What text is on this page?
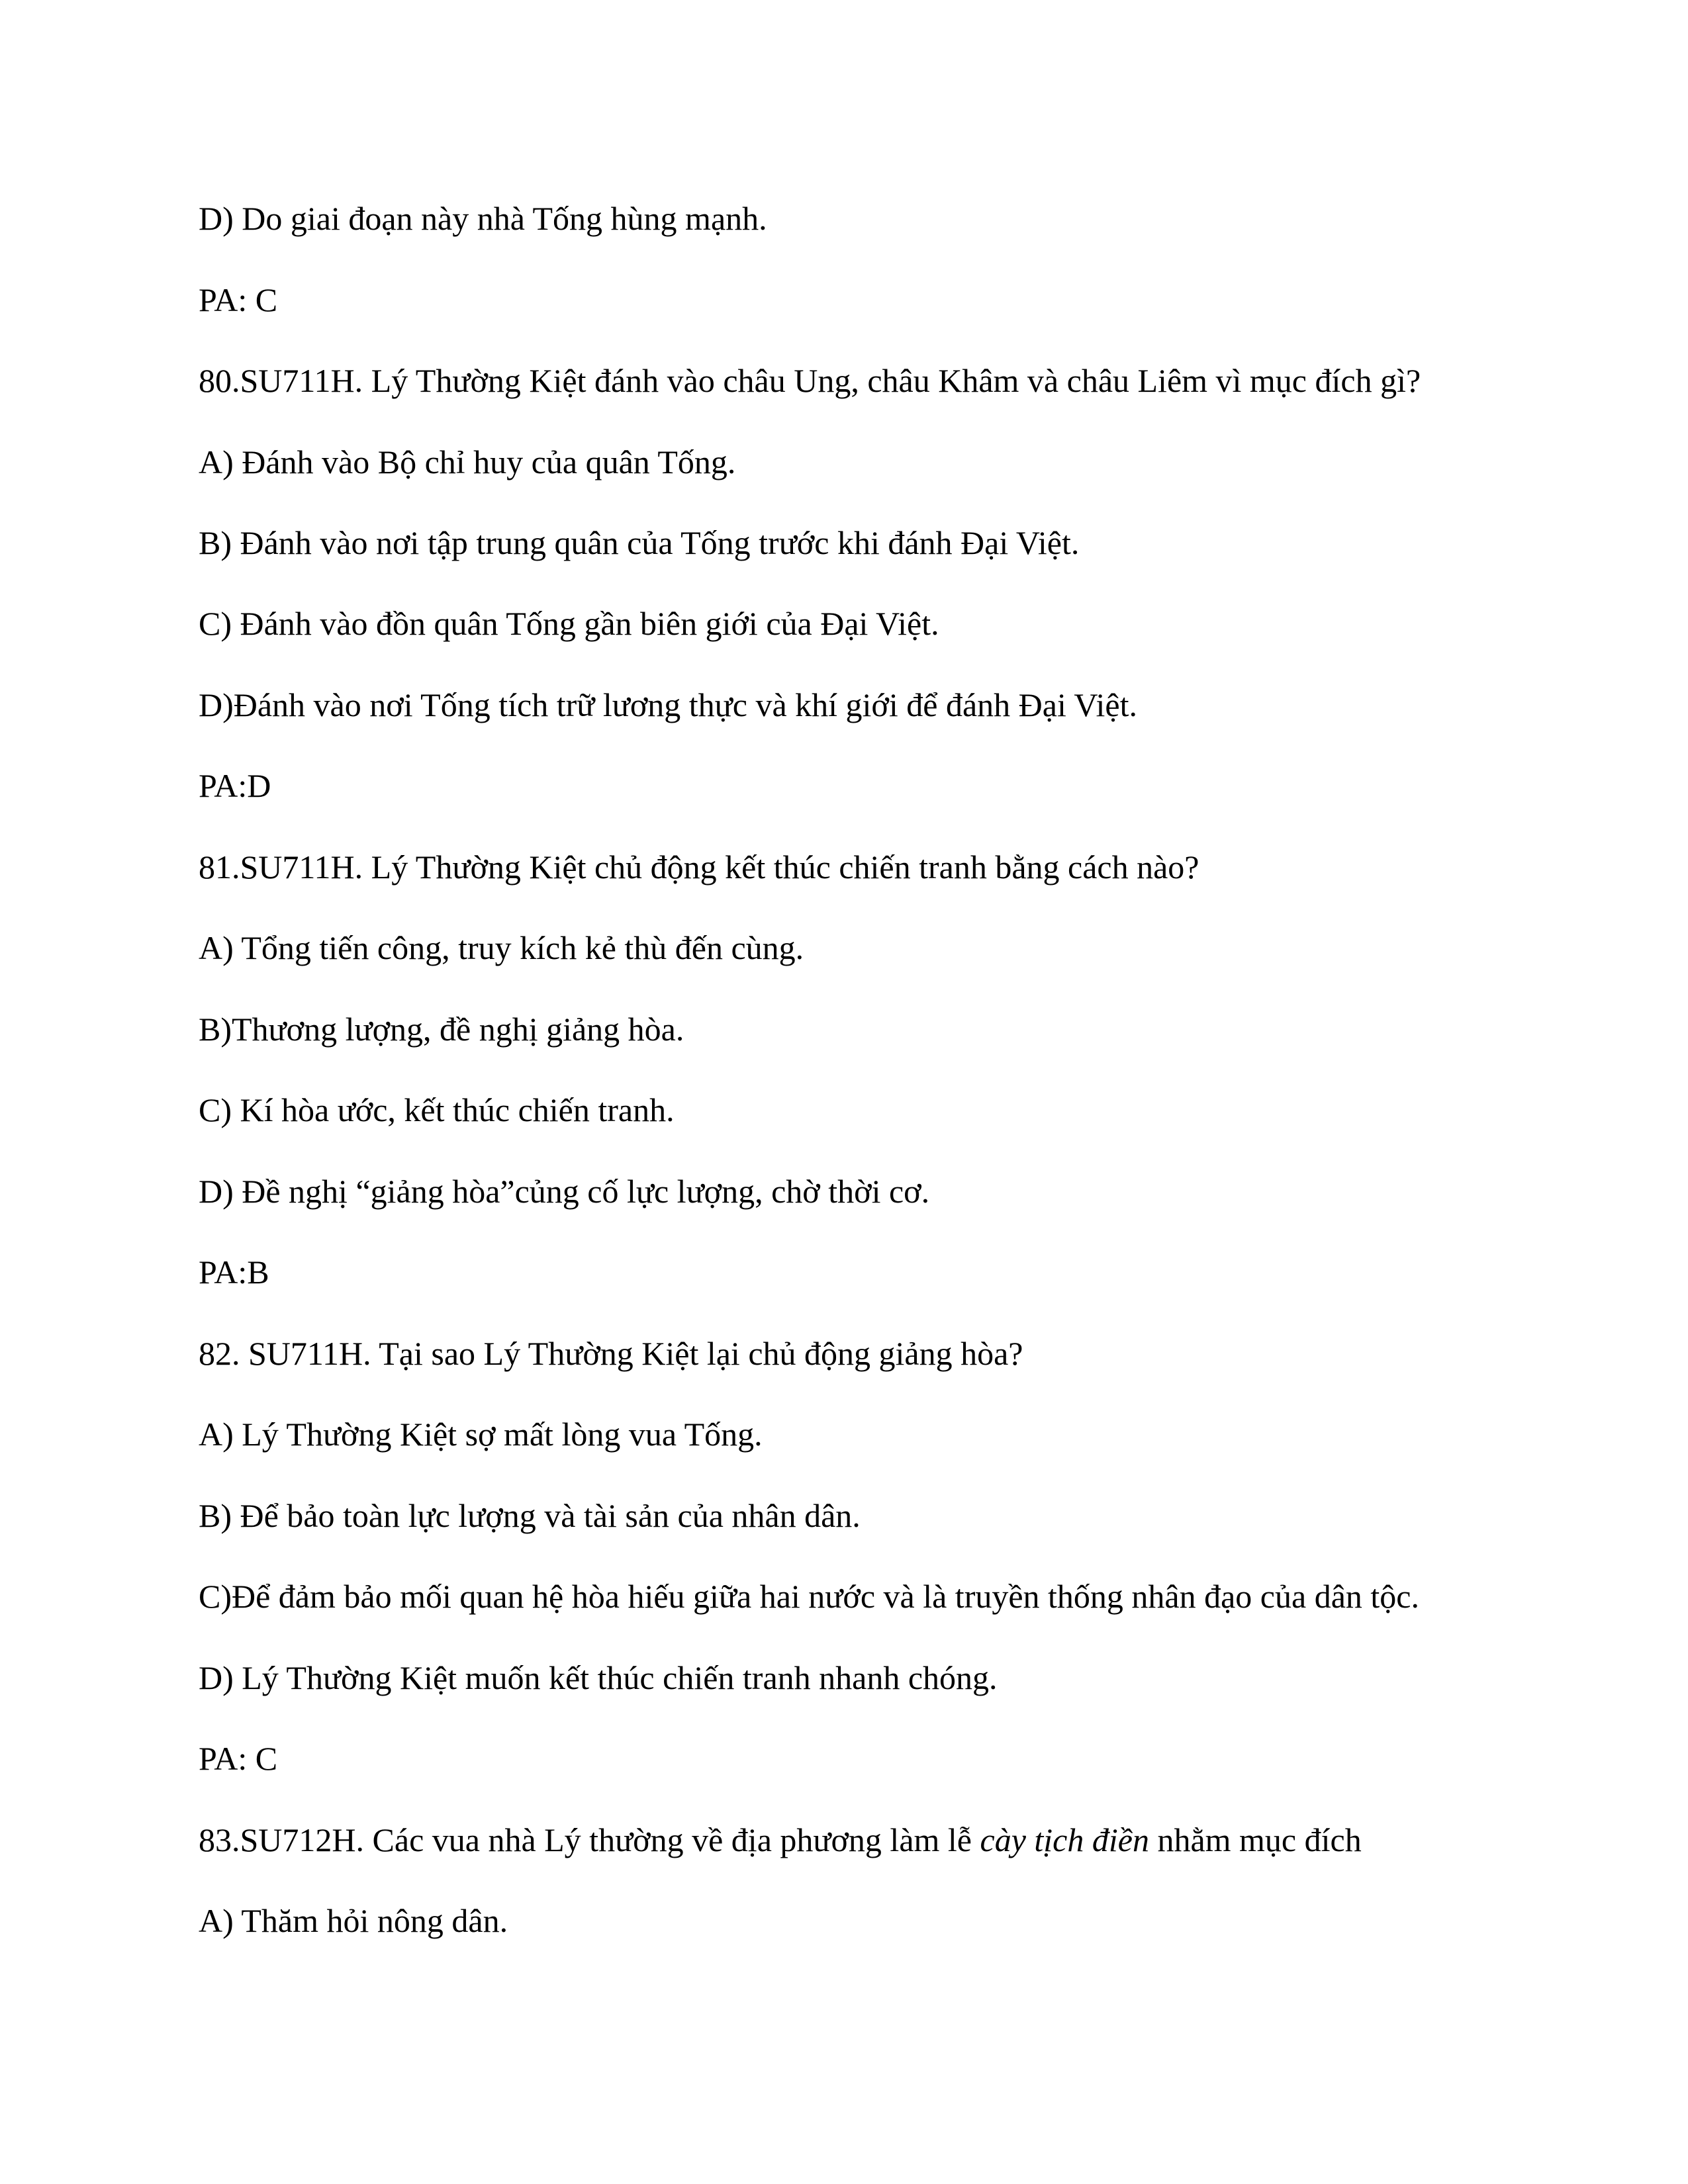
D) Do giai đoạn này nhà Tống hùng mạnh.

PA: C

80.SU711H. Lý Thường Kiệt đánh vào châu Ung, châu Khâm và châu Liêm vì mục đích gì?

A) Đánh vào Bộ chỉ huy của quân Tống.

B) Đánh vào nơi tập trung quân của Tống trước khi đánh Đại Việt.

C) Đánh vào đồn quân Tống gần biên giới của Đại Việt.

D)Đánh vào nơi Tống tích trữ lương thực và khí giới để đánh Đại Việt.

PA:D

81.SU711H. Lý Thường Kiệt chủ động kết thúc chiến tranh bằng cách nào?

A) Tổng tiến công, truy kích kẻ thù đến cùng.

B)Thương lượng, đề nghị giảng hòa.

C) Kí hòa ước, kết thúc chiến tranh.

D) Đề nghị “giảng hòa”củng cố lực lượng, chờ thời cơ.

PA:B

82. SU711H. Tại sao Lý Thường Kiệt lại chủ động giảng hòa?

A) Lý Thường Kiệt sợ mất lòng vua Tống.

B) Để bảo toàn lực lượng và tài sản của nhân dân.

C)Để đảm bảo mối quan hệ hòa hiếu giữa hai nước và là truyền thống nhân đạo của dân tộc.

D) Lý Thường Kiệt muốn kết thúc chiến tranh nhanh chóng.

PA: C

83.SU712H. Các vua nhà Lý thường về địa phương làm lễ cày tịch điền nhằm mục đích

A) Thăm hỏi nông dân.
